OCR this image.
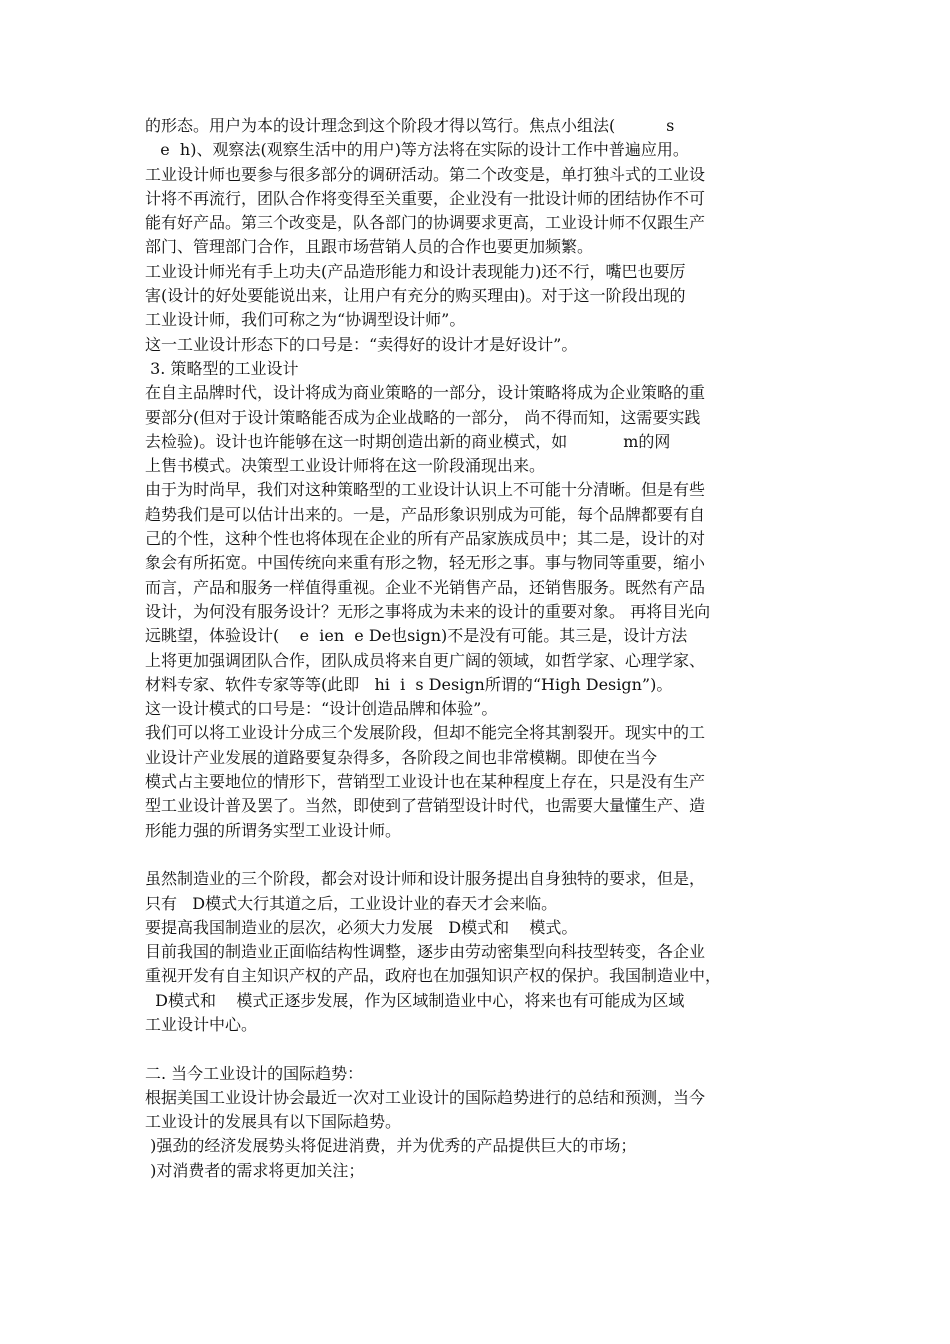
的形态。用户为本的设计理念到这个阶段才得以笃行。焦点小组法(          s
e  h)、观察法(观察生活中的用户)等方法将在实际的设计工作中普遍应用。
工业设计师也要参与很多部分的调研活动。第二个改变是，单打独斗式的工业设
计将不再流行，团队合作将变得至关重要，企业没有一批设计师的团结协作不可
能有好产品。第三个改变是，队各部门的协调要求更高，工业设计师不仅跟生产
部门、管理部门合作，且跟市场营销人员的合作也要更加频繁。
工业设计师光有手上功夫(产品造形能力和设计表现能力)还不行，嘴巴也要厉
害(设计的好处要能说出来，让用户有充分的购买理由)。对于这一阶段出现的
工业设计师，我们可称之为“协调型设计师”。
这一工业设计形态下的口号是：“卖得好的设计才是好设计”。
3. 策略型的工业设计
在自主品牌时代，设计将成为商业策略的一部分，设计策略将成为企业策略的重
要部分(但对于设计策略能否成为企业战略的一部分， 尚不得而知，这需要实践
去检验)。设计也许能够在这一时期创造出新的商业模式，如           m的网
上售书模式。决策型工业设计师将在这一阶段涌现出来。
由于为时尚早，我们对这种策略型的工业设计认识上不可能十分清晰。但是有些
趋势我们是可以估计出来的。一是，产品形象识别成为可能，每个品牌都要有自
己的个性，这种个性也将体现在企业的所有产品家族成员中；其二是，设计的对
象会有所拓宽。中国传统向来重有形之物，轻无形之事。事与物同等重要，缩小
而言，产品和服务一样值得重视。企业不光销售产品，还销售服务。既然有产品
设计，为何没有服务设计？无形之事将成为未来的设计的重要对象。 再将目光向
远眺望，体验设计(    e  ien  e De也sign)不是没有可能。其三是，设计方法
上将更加强调团队合作，团队成员将来自更广阔的领域，如哲学家、心理学家、
材料专家、软件专家等等(此即   hi  i  s Design所谓的“High Design”)。
这一设计模式的口号是：“设计创造品牌和体验”。
我们可以将工业设计分成三个发展阶段，但却不能完全将其割裂开。现实中的工
业设计产业发展的道路要复杂得多，各阶段之间也非常模糊。即使在当今
模式占主要地位的情形下，营销型工业设计也在某种程度上存在，只是没有生产
型工业设计普及罢了。当然，即使到了营销型设计时代，也需要大量懂生产、造
形能力强的所谓务实型工业设计师。
虽然制造业的三个阶段，都会对设计师和设计服务提出自身独特的要求，但是，
只有   D模式大行其道之后，工业设计业的春天才会来临。
要提高我国制造业的层次，必须大力发展   D模式和    模式。
目前我国的制造业正面临结构性调整，逐步由劳动密集型向科技型转变，各企业
重视开发有自主知识产权的产品，政府也在加强知识产权的保护。我国制造业中，
D模式和    模式正逐步发展，作为区域制造业中心，将来也有可能成为区域
工业设计中心。
二. 当今工业设计的国际趋势：
根据美国工业设计协会最近一次对工业设计的国际趋势进行的总结和预测，当今
工业设计的发展具有以下国际趋势。
)强劲的经济发展势头将促进消费，并为优秀的产品提供巨大的市场；
)对消费者的需求将更加关注；
